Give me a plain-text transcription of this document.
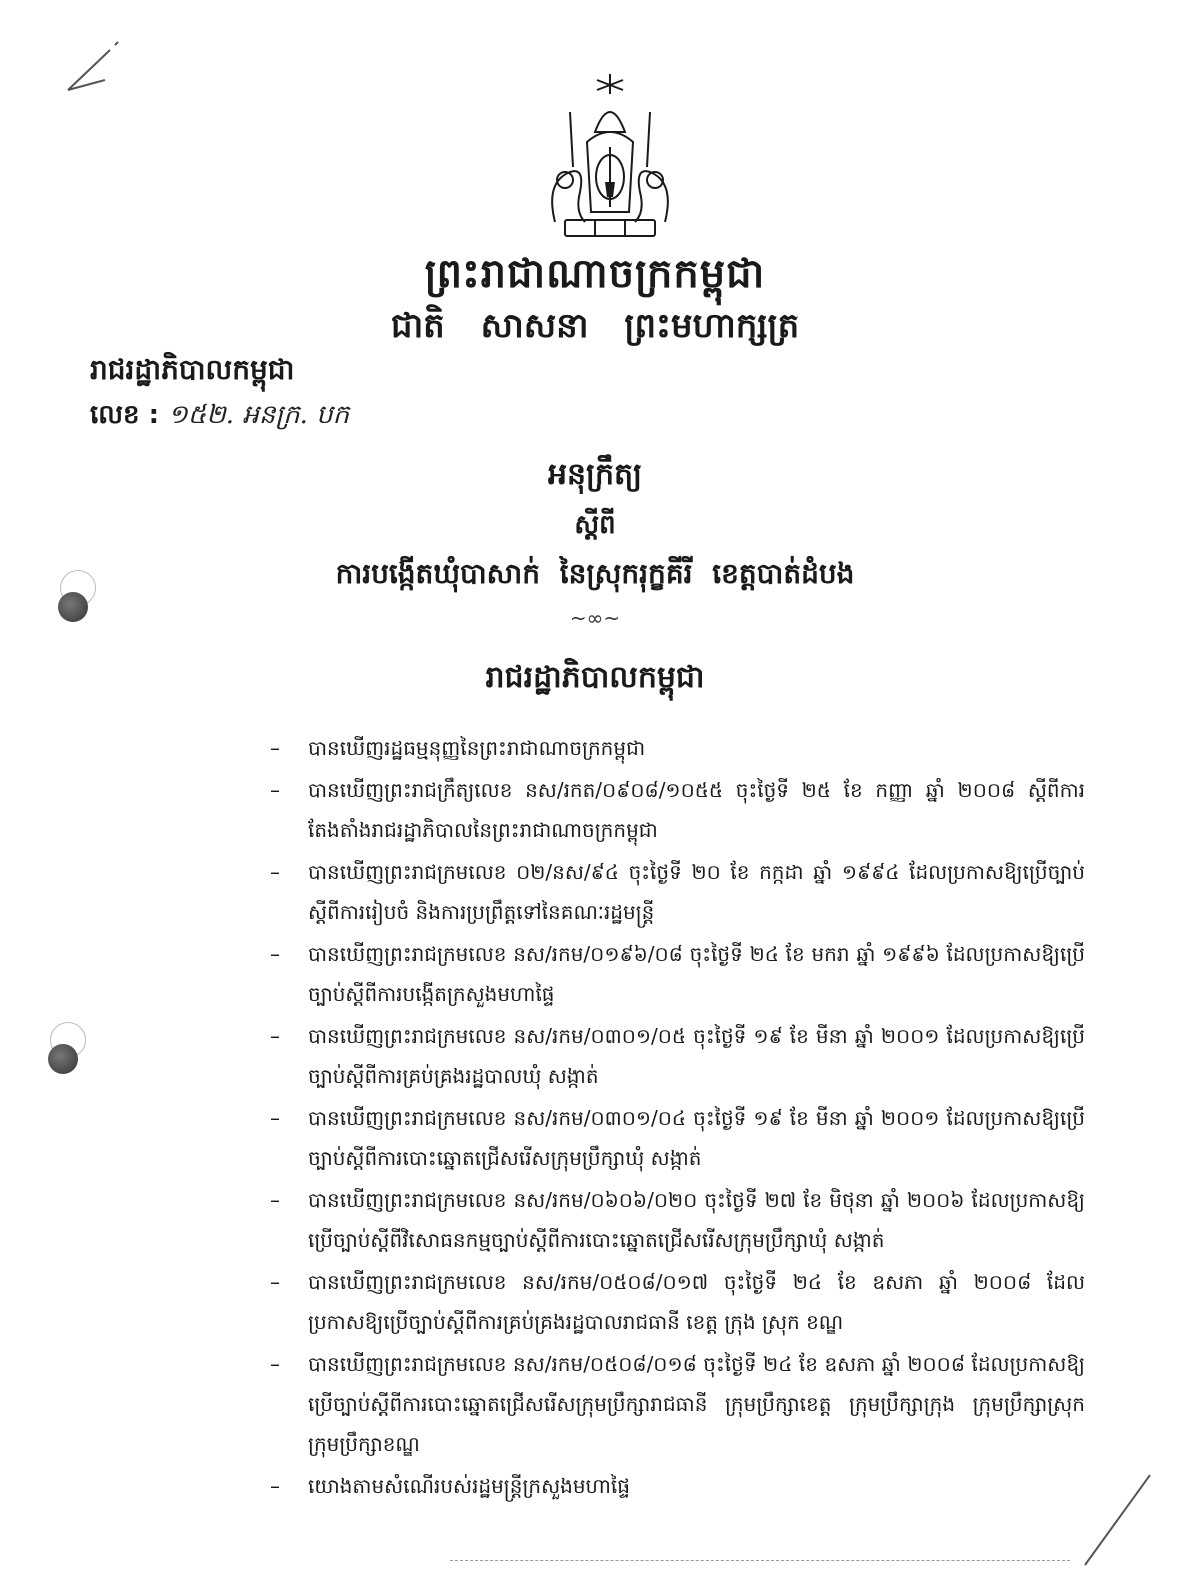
ព្រះរាជាណាចក្រកម្ពុជា
ជាតិ សាសនា ព្រះមហាក្សត្រ
រាជរដ្ឋាភិបាលកម្ពុជា
លេខ : ១៥២. អនក្រ. បក
អនុក្រឹត្យ
ស្តីពី
ការបង្កើតឃុំបាសាក់ នៃស្រុករុក្ខគីរី ខេត្តបាត់ដំបង
~∞~
រាជរដ្ឋាភិបាលកម្ពុជា
– បានឃើញរដ្ឋធម្មនុញ្ញនៃព្រះរាជាណាចក្រកម្ពុជា
– បានឃើញព្រះរាជក្រឹត្យលេខ នស/រកត/០៩០៨/១០៥៥ ចុះថ្ងៃទី ២៥ ខែ កញ្ញា ឆ្នាំ ២០០៨ ស្តីពីការតែងតាំងរាជរដ្ឋាភិបាលនៃព្រះរាជាណាចក្រកម្ពុជា
– បានឃើញព្រះរាជក្រមលេខ ០២/នស/៩៤ ចុះថ្ងៃទី ២០ ខែ កក្កដា ឆ្នាំ ១៩៩៤ ដែលប្រកាសឱ្យប្រើច្បាប់ស្តីពីការរៀបចំ និងការប្រព្រឹត្តទៅនៃគណៈរដ្ឋមន្ត្រី
– បានឃើញព្រះរាជក្រមលេខ នស/រកម/០១៩៦/០៨ ចុះថ្ងៃទី ២៤ ខែ មករា ឆ្នាំ ១៩៩៦ ដែលប្រកាសឱ្យប្រើច្បាប់ស្តីពីការបង្កើតក្រសួងមហាផ្ទៃ
– បានឃើញព្រះរាជក្រមលេខ នស/រកម/០៣០១/០៥ ចុះថ្ងៃទី ១៩ ខែ មីនា ឆ្នាំ ២០០១ ដែលប្រកាសឱ្យប្រើច្បាប់ស្តីពីការគ្រប់គ្រងរដ្ឋបាលឃុំ សង្កាត់
– បានឃើញព្រះរាជក្រមលេខ នស/រកម/០៣០១/០៤ ចុះថ្ងៃទី ១៩ ខែ មីនា ឆ្នាំ ២០០១ ដែលប្រកាសឱ្យប្រើច្បាប់ស្តីពីការបោះឆ្នោតជ្រើសរើសក្រុមប្រឹក្សាឃុំ សង្កាត់
– បានឃើញព្រះរាជក្រមលេខ នស/រកម/០៦០៦/០២០ ចុះថ្ងៃទី ២៧ ខែ មិថុនា ឆ្នាំ ២០០៦ ដែលប្រកាសឱ្យប្រើច្បាប់ស្តីពីវិសោធនកម្មច្បាប់ស្តីពីការបោះឆ្នោតជ្រើសរើសក្រុមប្រឹក្សាឃុំ សង្កាត់
– បានឃើញព្រះរាជក្រមលេខ នស/រកម/០៥០៨/០១៧ ចុះថ្ងៃទី ២៤ ខែ ឧសភា ឆ្នាំ ២០០៨ ដែលប្រកាសឱ្យប្រើច្បាប់ស្តីពីការគ្រប់គ្រងរដ្ឋបាលរាជធានី ខេត្ត ក្រុង ស្រុក ខណ្ឌ
– បានឃើញព្រះរាជក្រមលេខ នស/រកម/០៥០៨/០១៨ ចុះថ្ងៃទី ២៤ ខែ ឧសភា ឆ្នាំ ២០០៨ ដែលប្រកាសឱ្យប្រើច្បាប់ស្តីពីការបោះឆ្នោតជ្រើសរើសក្រុមប្រឹក្សារាជធានី ក្រុមប្រឹក្សាខេត្ត ក្រុមប្រឹក្សាក្រុង ក្រុមប្រឹក្សាស្រុក ក្រុមប្រឹក្សាខណ្ឌ
– យោងតាមសំណើរបស់រដ្ឋមន្ត្រីក្រសួងមហាផ្ទៃ
